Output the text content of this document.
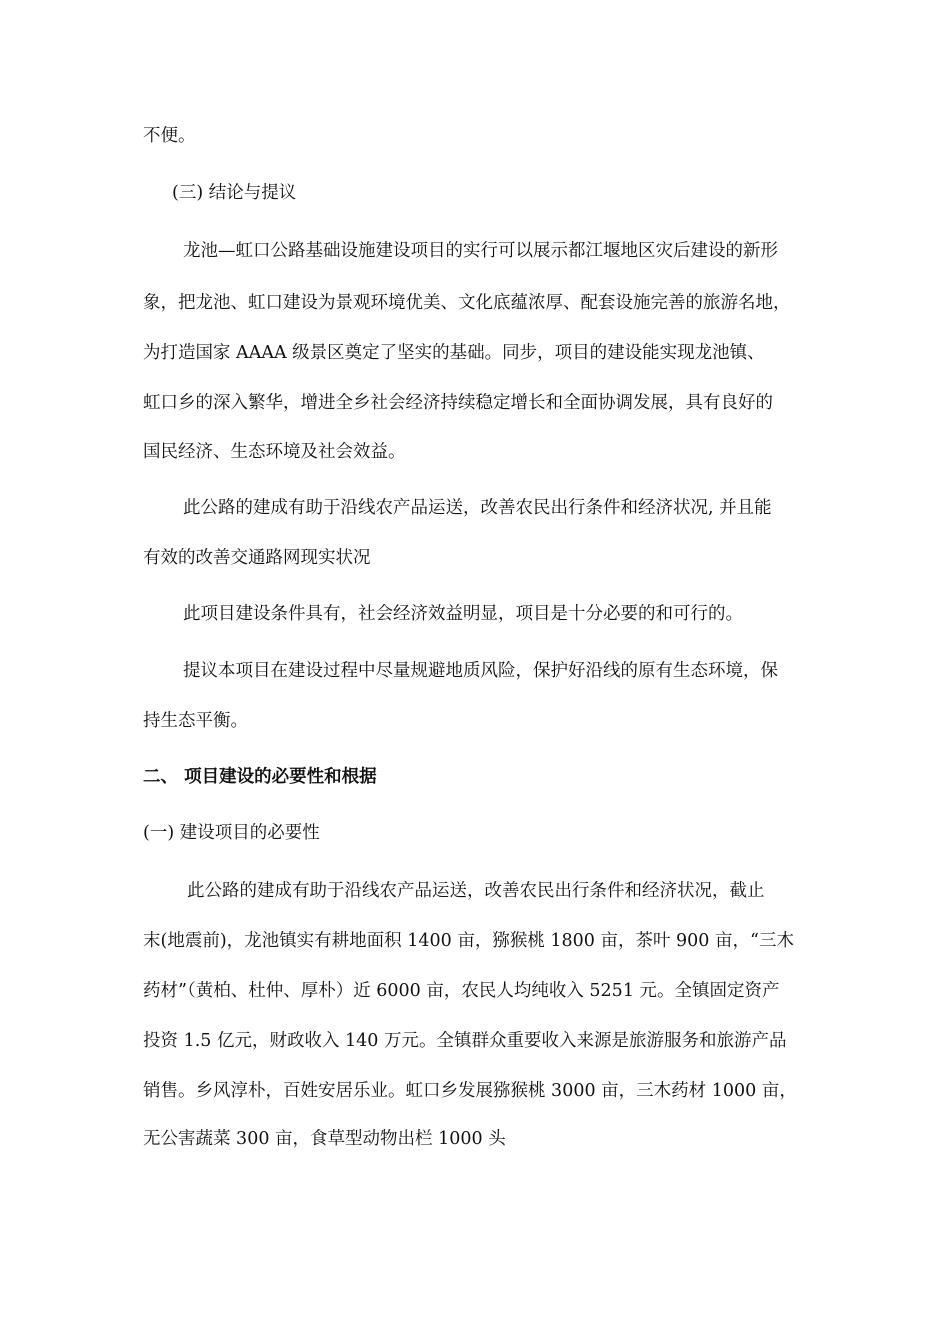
不便。
(三) 结论与提议
龙池—虹口公路基础设施建设项目的实行可以展示都江堰地区灾后建设的新形
象，把龙池、虹口建设为景观环境优美、文化底蕴浓厚、配套设施完善的旅游名地，
为打造国家 AAAA 级景区奠定了坚实的基础。同步，项目的建设能实现龙池镇、
虹口乡的深入繁华，增进全乡社会经济持续稳定增长和全面协调发展，具有良好的
国民经济、生态环境及社会效益。
此公路的建成有助于沿线农产品运送，改善农民出行条件和经济状况, 并且能
有效的改善交通路网现实状况
此项目建设条件具有，社会经济效益明显，项目是十分必要的和可行的。
提议本项目在建设过程中尽量规避地质风险，保护好沿线的原有生态环境，保
持生态平衡。
二、 项目建设的必要性和根据
(一) 建设项目的必要性
此公路的建成有助于沿线农产品运送，改善农民出行条件和经济状况，截止
末(地震前)，龙池镇实有耕地面积 1400 亩，猕猴桃 1800 亩，茶叶 900 亩，“三木
药材”（黄柏、杜仲、厚朴）近 6000 亩，农民人均纯收入 5251 元。全镇固定资产
投资 1.5 亿元，财政收入 140 万元。全镇群众重要收入来源是旅游服务和旅游产品
销售。乡风淳朴，百姓安居乐业。虹口乡发展猕猴桃 3000 亩，三木药材 1000 亩，
无公害蔬菜 300 亩，食草型动物出栏 1000 头
